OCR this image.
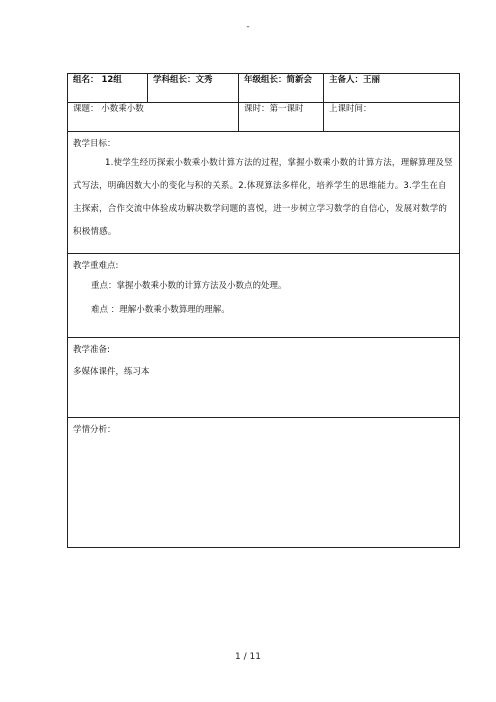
-
组名： 12组	学科组长：文秀	年级组长：简新会	主备人：王丽
课题： 小数乘小数		课时：第一课时	上课时间：

教学目标：
1.使学生经历探索小数乘小数计算方法的过程，掌握小数乘小数的计算方法，理解算理及竖式写法，明确因数大小的变化与积的关系。2.体现算法多样化，培养学生的思维能力。3.学生在自主探索，合作交流中体验成功解决数学问题的喜悦，进一步树立学习数学的自信心，发展对数学的积极情感。			

教学重难点:
重点：掌握小数乘小数的计算方法及小数点的处理。
难点 ：理解小数乘小数算理的理解。			

教学准备:
多媒体课件，练习本			

学情分析：			
1 / 11
